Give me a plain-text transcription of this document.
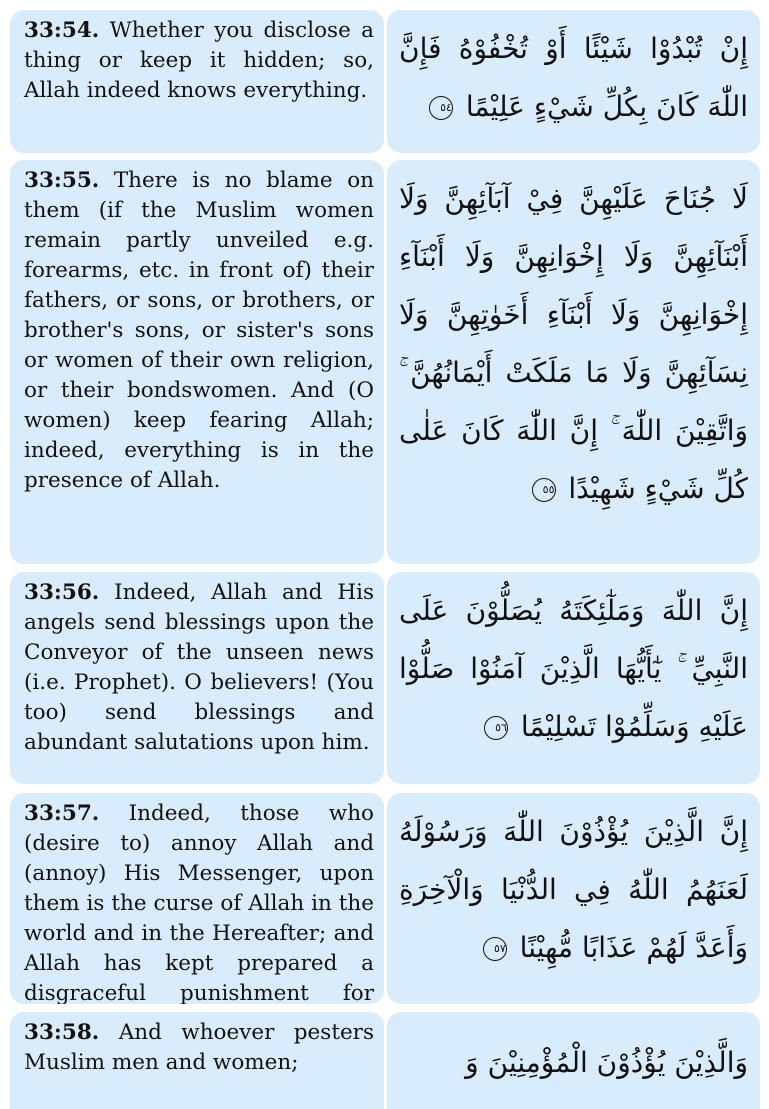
33:54. Whether you disclose a thing or keep it hidden; so, Allah indeed knows everything.

إِنْ تُبْدُوْا شَيْئًا أَوْ تُخْفُوْهُ فَإِنَّ اللّٰهَ كَانَ بِكُلِّ شَيْءٍ عَلِيْمًا ٥٤

33:55. There is no blame on them (if the Muslim women remain partly unveiled e.g. forearms, etc. in front of) their fathers, or sons, or brothers, or brother's sons, or sister's sons or women of their own religion, or their bondswomen. And (O women) keep fearing Allah; indeed, everything is in the presence of Allah.

لَا جُنَاحَ عَلَيْهِنَّ فِيْ آبَآئِهِنَّ وَلَا أَبْنَآئِهِنَّ وَلَا إِخْوَانِهِنَّ وَلَا أَبْنَآءِ إِخْوَانِهِنَّ وَلَا أَبْنَآءِ أَخَوٰتِهِنَّ وَلَا نِسَآئِهِنَّ وَلَا مَا مَلَكَتْ أَيْمَانُهُنَّ ۚ وَاتَّقِيْنَ اللّٰهَ ۚ إِنَّ اللّٰهَ كَانَ عَلٰى كُلِّ شَيْءٍ شَهِيْدًا ٥٥

33:56. Indeed, Allah and His angels send blessings upon the Conveyor of the unseen news (i.e. Prophet). O believers! (You too) send blessings and abundant salutations upon him.

إِنَّ اللّٰهَ وَمَلٰٓئِكَتَهُ يُصَلُّوْنَ عَلَى النَّبِيِّ ۚ يٰٓأَيُّهَا الَّذِيْنَ آمَنُوْا صَلُّوْا عَلَيْهِ وَسَلِّمُوْا تَسْلِيْمًا ٥٦

33:57. Indeed, those who (desire to) annoy Allah and (annoy) His Messenger, upon them is the curse of Allah in the world and in the Hereafter; and Allah has kept prepared a disgraceful punishment for

إِنَّ الَّذِيْنَ يُؤْذُوْنَ اللّٰهَ وَرَسُوْلَهُ لَعَنَهُمُ اللّٰهُ فِي الدُّنْيَا وَالْآخِرَةِ وَأَعَدَّ لَهُمْ عَذَابًا مُّهِيْنًا ٥٧

33:58. And whoever pesters Muslim men and women;	وَالَّذِيْنَ يُؤْذُوْنَ الْمُؤْمِنِيْنَ وَ
